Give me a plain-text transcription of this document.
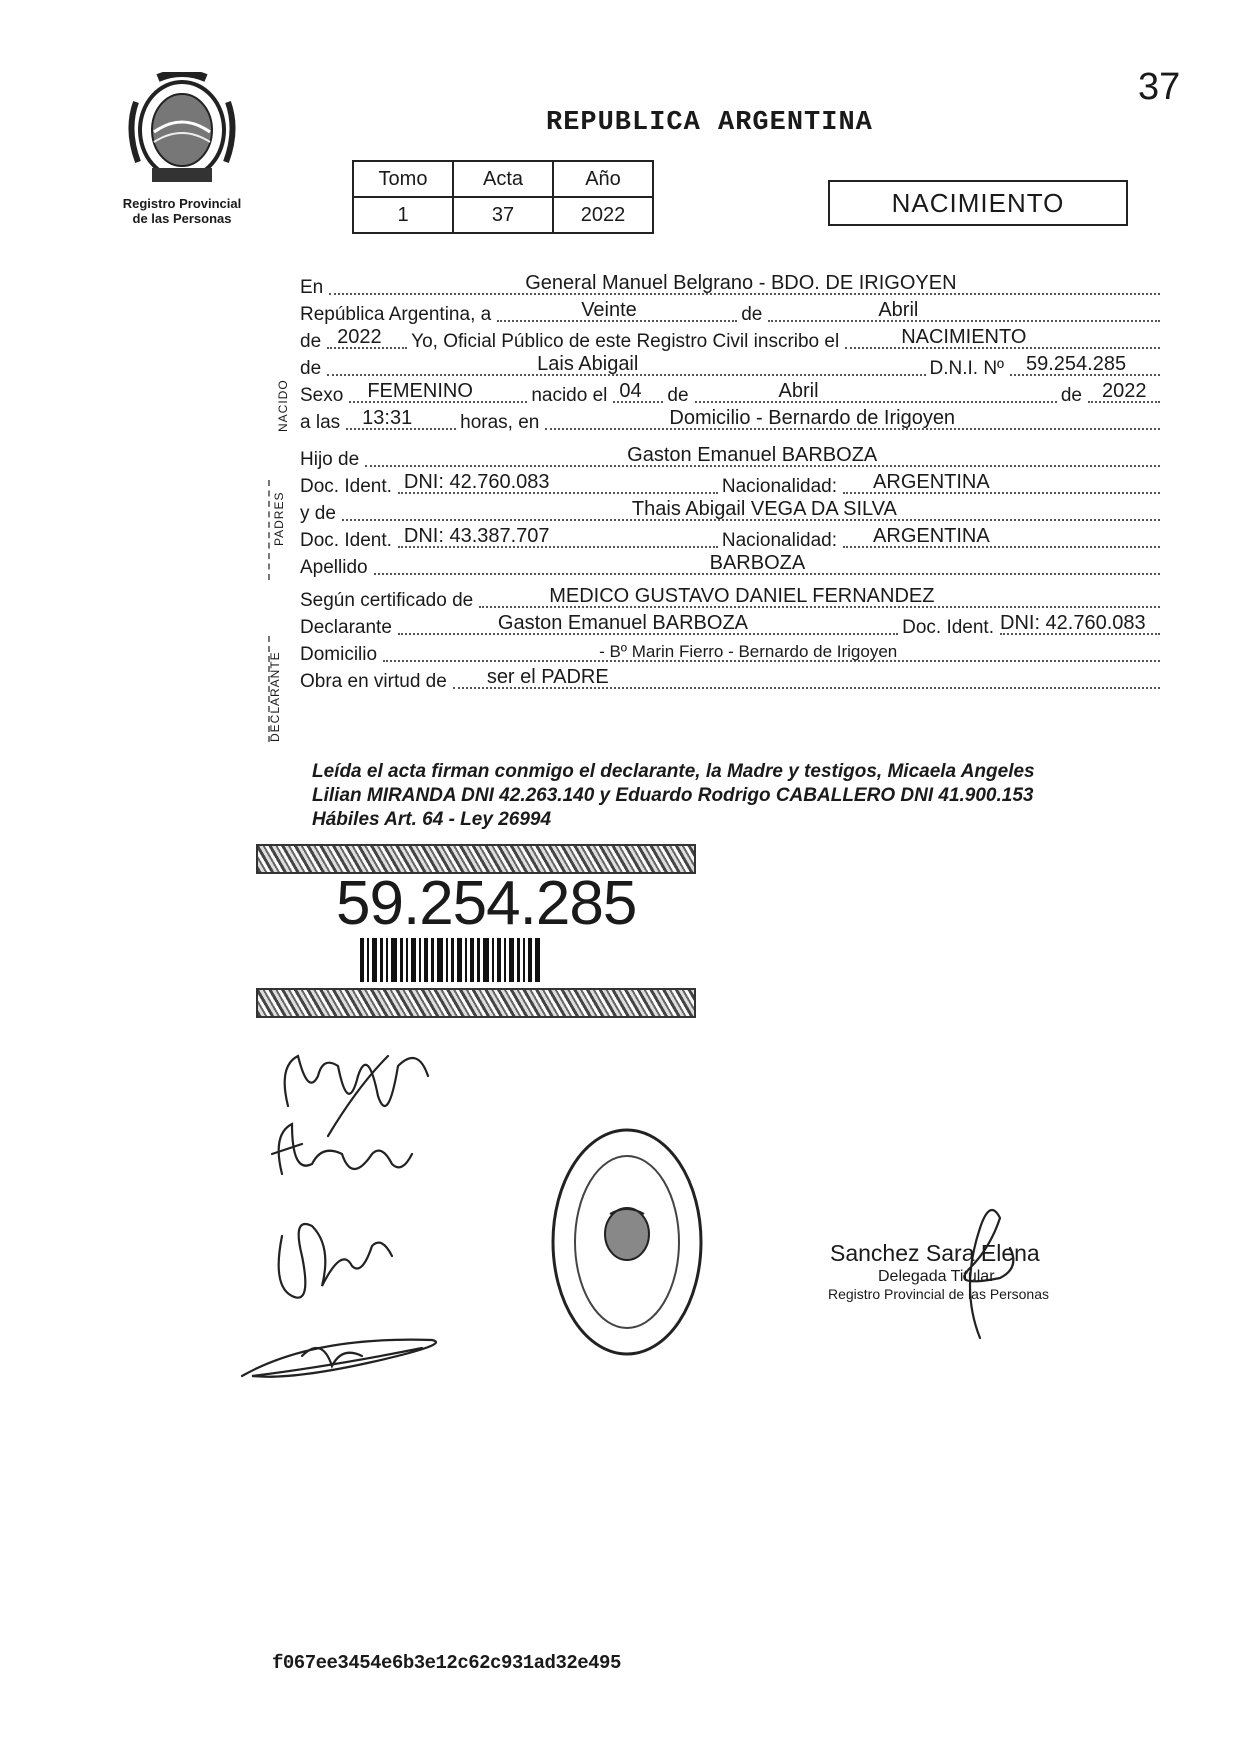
37
Registro Provincial
de las Personas
REPUBLICA ARGENTINA
Tomo	Acta	Año
1	37	2022	NACIMIENTO
NACIDO
PADRES
DECLARANTE
En	General Manuel Belgrano - BDO. DE IRIGOYEN
República Argentina, a	Veinte	de	Abril
de 2022 Yo, Oficial Público de este Registro Civil inscribo el	NACIMIENTO
de	Lais Abigail	D.N.I. Nº 59.254.285
Sexo FEMENINO	nacido el 04 de	Abril	de 2022
a las 13:31	horas, en	Domicilio - Bernardo de Irigoyen
Hijo de	Gaston Emanuel BARBOZA
Doc. Ident. DNI: 42.760.083	Nacionalidad: ARGENTINA
y de	Thais Abigail VEGA DA SILVA
Doc. Ident. DNI: 43.387.707	Nacionalidad: ARGENTINA
Apellido	BARBOZA
Según certificado de	MEDICO GUSTAVO DANIEL FERNANDEZ
Declarante	Gaston Emanuel BARBOZA	Doc. Ident. DNI: 42.760.083
Domicilio	- Bº Marin Fierro - Bernardo de Irigoyen
Obra en virtud de ser el PADRE
Leída el acta firman conmigo el declarante, la Madre y testigos, Micaela Angeles
Lilian MIRANDA DNI 42.263.140 y Eduardo Rodrigo CABALLERO DNI 41.900.153
Hábiles Art. 64 - Ley 26994
59.254.285
Sanchez Sara Elena
Delegada Titular
Registro Provincial de las Personas
f067ee3454e6b3e12c62c931ad32e495
